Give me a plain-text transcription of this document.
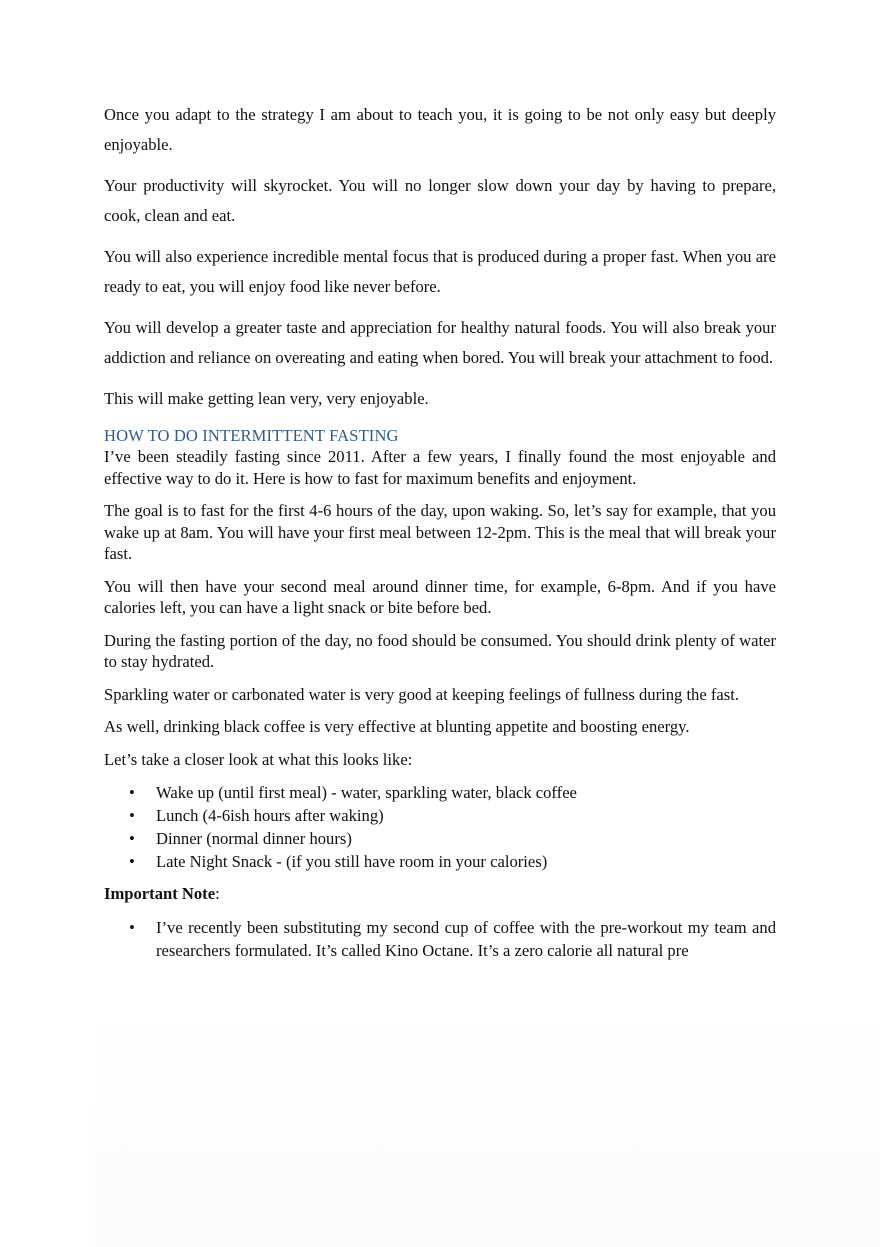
Once you adapt to the strategy I am about to teach you, it is going to be not only easy but deeply enjoyable.

Your productivity will skyrocket. You will no longer slow down your day by having to prepare, cook, clean and eat.

You will also experience incredible mental focus that is produced during a proper fast. When you are ready to eat, you will enjoy food like never before.

You will develop a greater taste and appreciation for healthy natural foods. You will also break your addiction and reliance on overeating and eating when bored. You will break your attachment to food.

This will make getting lean very, very enjoyable.

HOW TO DO INTERMITTENT FASTING

I’ve been steadily fasting since 2011. After a few years, I finally found the most enjoyable and effective way to do it. Here is how to fast for maximum benefits and enjoyment.

The goal is to fast for the first 4-6 hours of the day, upon waking. So, let’s say for example, that you wake up at 8am. You will have your first meal between 12-2pm. This is the meal that will break your fast.

You will then have your second meal around dinner time, for example, 6-8pm. And if you have calories left, you can have a light snack or bite before bed.

During the fasting portion of the day, no food should be consumed. You should drink plenty of water to stay hydrated.

Sparkling water or carbonated water is very good at keeping feelings of fullness during the fast.

As well, drinking black coffee is very effective at blunting appetite and boosting energy.

Let’s take a closer look at what this looks like:

• Wake up (until first meal) - water, sparkling water, black coffee
• Lunch (4-6ish hours after waking)
• Dinner (normal dinner hours)
• Late Night Snack - (if you still have room in your calories)

Important Note:

• I’ve recently been substituting my second cup of coffee with the pre-workout my team and researchers formulated. It’s called Kino Octane. It’s a zero calorie all natural pre
